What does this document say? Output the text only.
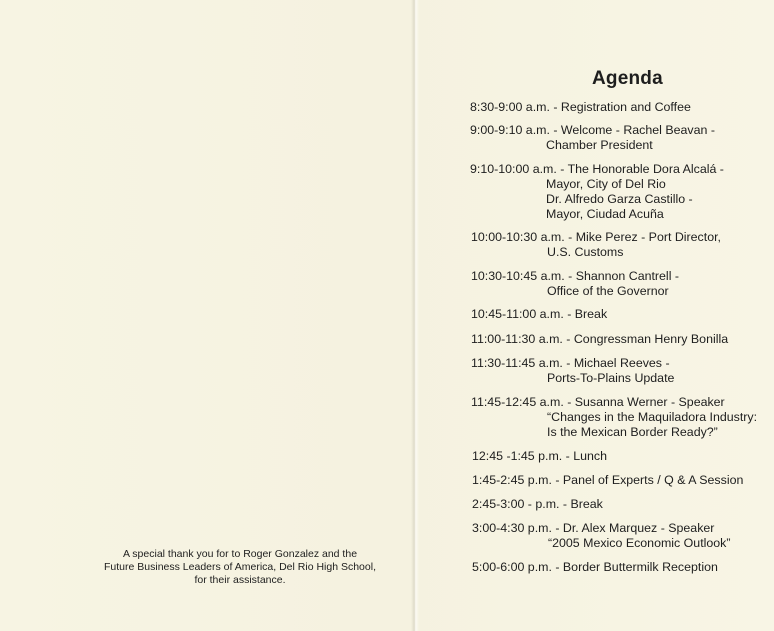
A special thank you for to Roger Gonzalez and the
Future Business Leaders of America, Del Rio High School,
for their assistance.
Agenda
8:30-9:00 a.m. - Registration and Coffee
9:00-9:10 a.m. - Welcome - Rachel Beavan -
Chamber President
9:10-10:00 a.m. - The Honorable Dora Alcalá -
Mayor, City of Del Rio
Dr. Alfredo Garza Castillo -
Mayor, Ciudad Acuña
10:00-10:30 a.m. - Mike Perez - Port Director,
U.S. Customs
10:30-10:45 a.m. - Shannon Cantrell -
Office of the Governor
10:45-11:00 a.m. - Break
11:00-11:30 a.m. - Congressman Henry Bonilla
11:30-11:45 a.m. - Michael Reeves -
Ports-To-Plains Update
11:45-12:45 a.m. - Susanna Werner - Speaker
“Changes in the Maquiladora Industry:
Is the Mexican Border Ready?”
12:45 -1:45 p.m. - Lunch
1:45-2:45 p.m. - Panel of Experts / Q & A Session
2:45-3:00 - p.m. - Break
3:00-4:30 p.m. - Dr. Alex Marquez - Speaker
“2005 Mexico Economic Outlook”
5:00-6:00 p.m. - Border Buttermilk Reception
